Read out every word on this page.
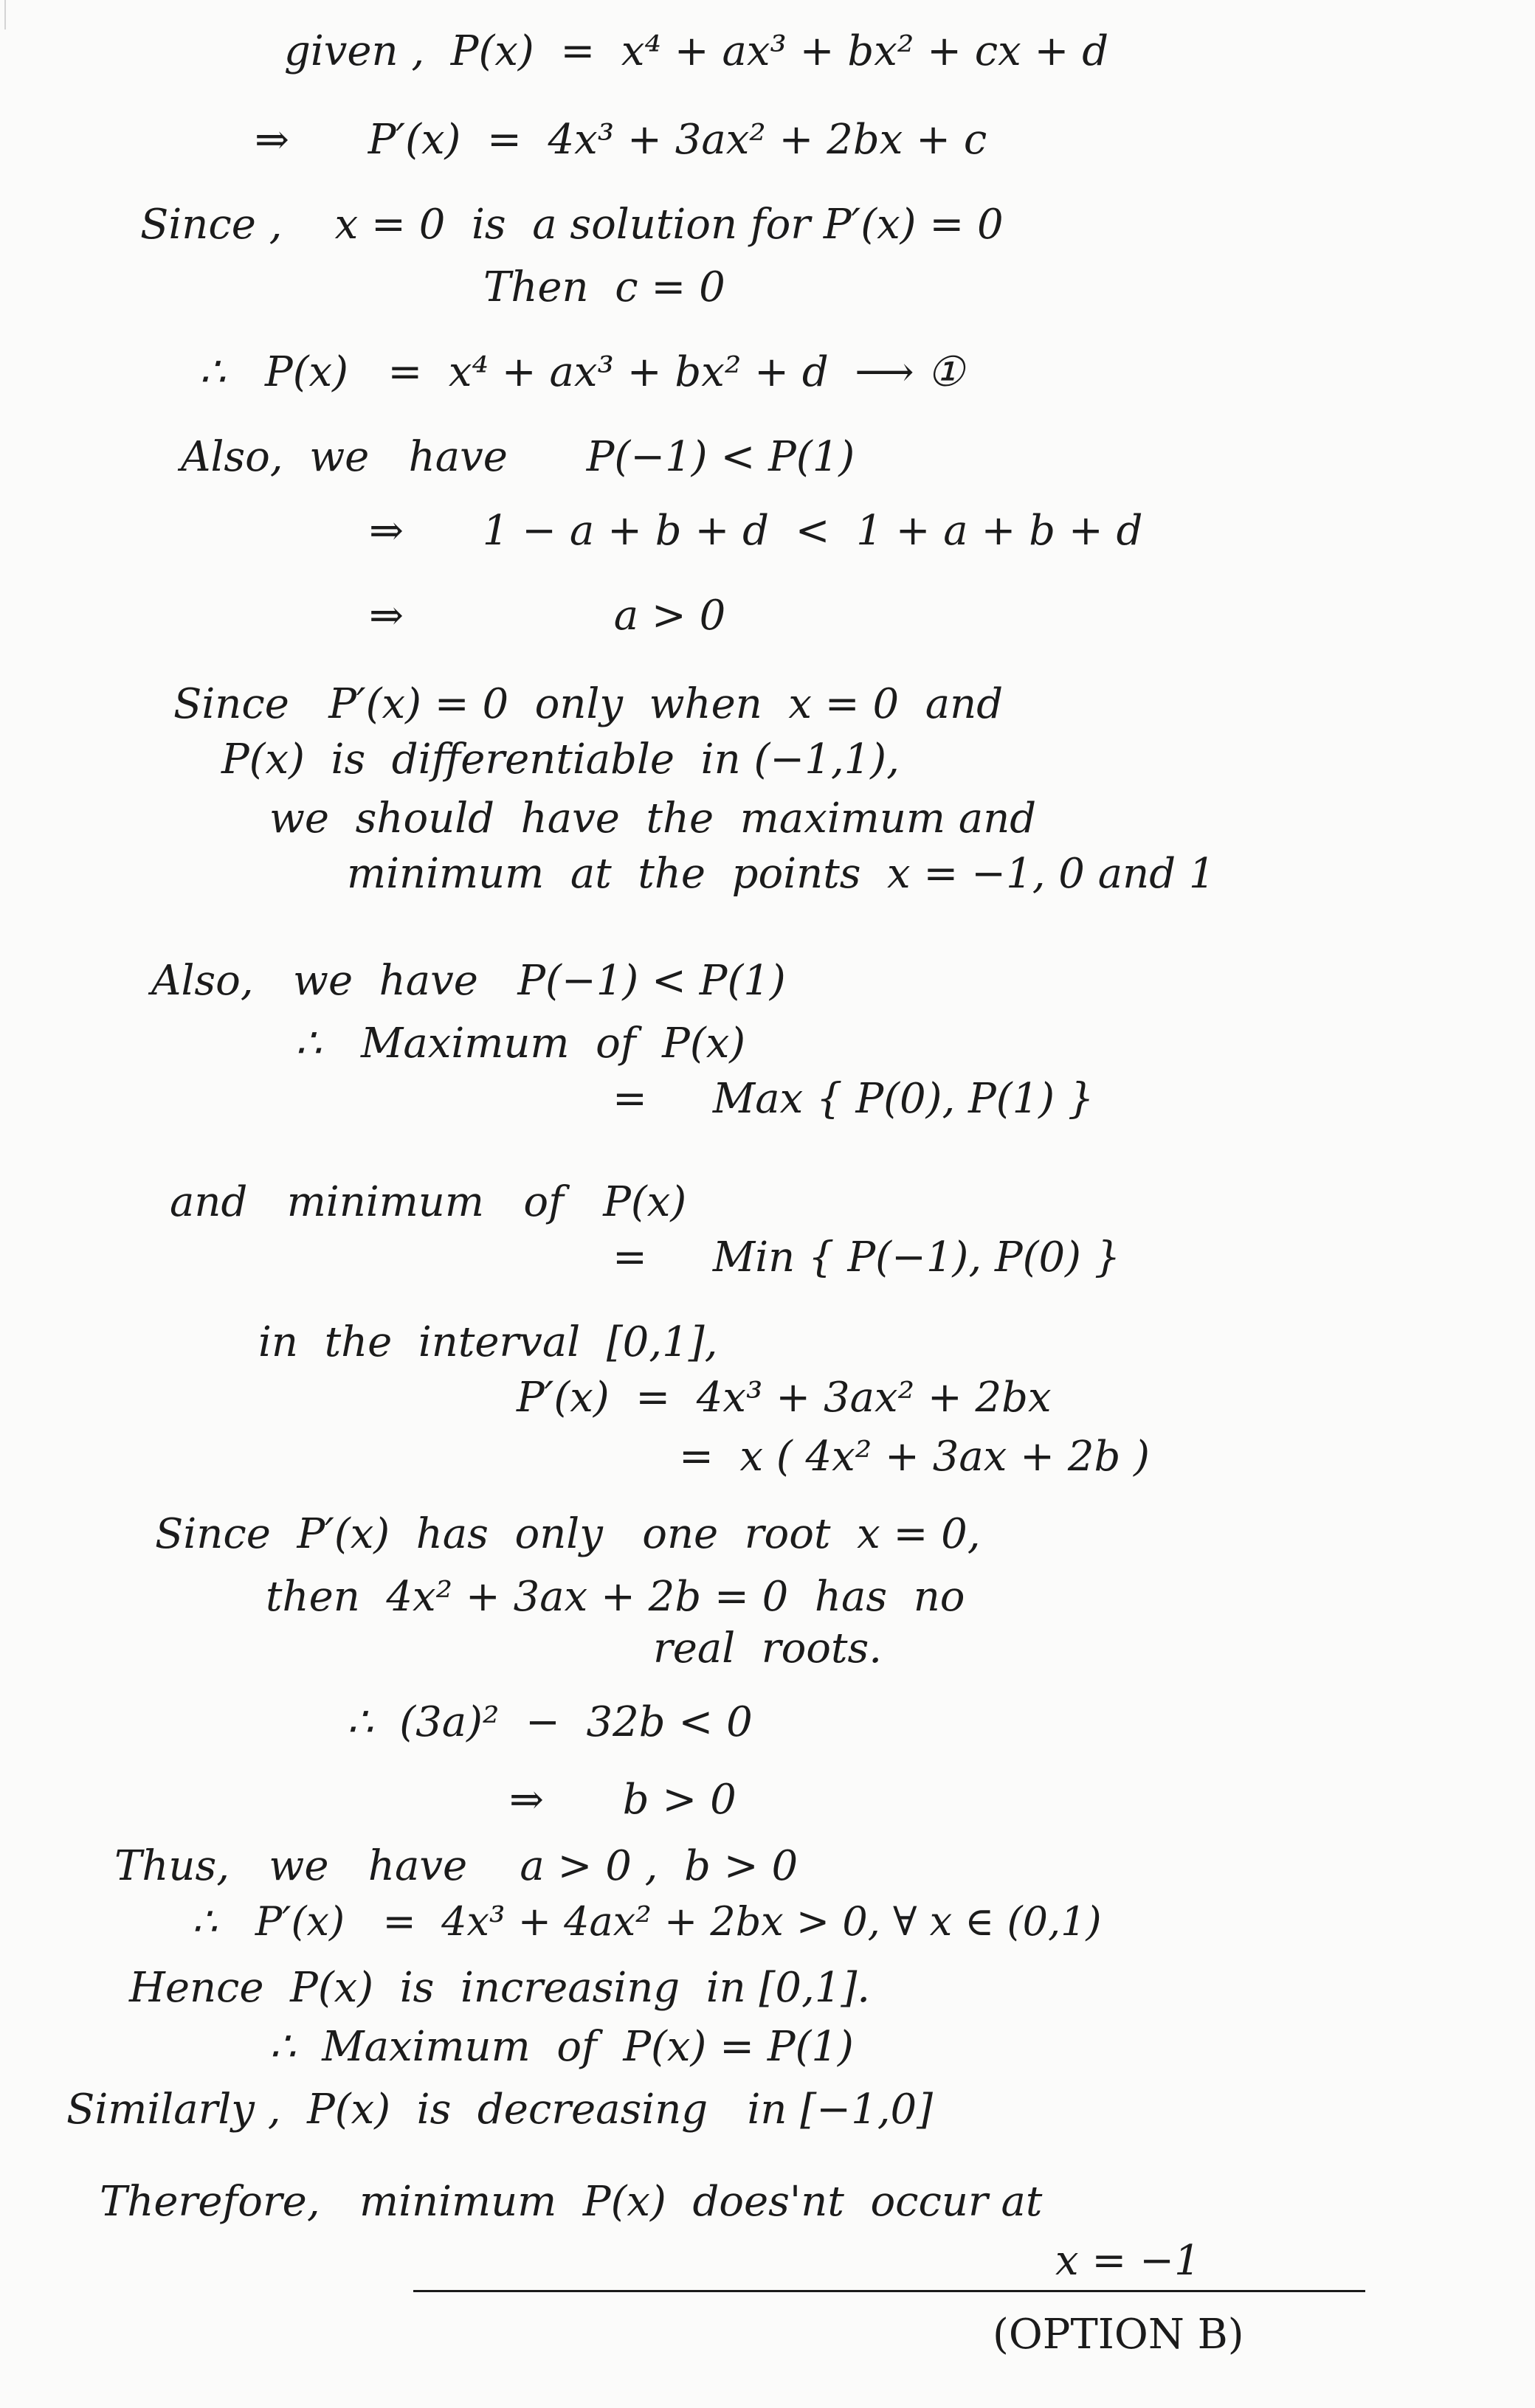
given ,  P(x)  =  x⁴ + ax³ + bx² + cx + d
⇒      P′(x)  =  4x³ + 3ax² + 2bx + c
Since ,    x = 0  is  a solution for P′(x) = 0
Then  c = 0
∴   P(x)   =  x⁴ + ax³ + bx² + d  ⟶ ①
Also,  we   have      P(−1) < P(1)
⇒      1 − a + b + d  <  1 + a + b + d
⇒                a > 0
Since   P′(x) = 0  only  when  x = 0  and
P(x)  is  differentiable  in (−1,1),
we  should  have  the  maximum and
minimum  at  the  points  x = −1, 0 and 1
Also,   we  have   P(−1) < P(1)
∴   Maximum  of  P(x)
=     Max { P(0), P(1) }
and   minimum   of   P(x)
=     Min { P(−1), P(0) }
in  the  interval  [0,1],
P′(x)  =  4x³ + 3ax² + 2bx
=  x ( 4x² + 3ax + 2b )
Since  P′(x)  has  only   one  root  x = 0,
then  4x² + 3ax + 2b = 0  has  no
real  roots.
∴  (3a)²  −  32b < 0
⇒      b > 0
Thus,   we   have    a > 0 ,  b > 0
∴   P′(x)   =  4x³ + 4ax² + 2bx > 0, ∀ x ∈ (0,1)
Hence  P(x)  is  increasing  in [0,1].
∴  Maximum  of  P(x) = P(1)
Similarly ,  P(x)  is  decreasing   in [−1,0]
Therefore,   minimum  P(x)  does'nt  occur at
x = −1
(OPTION B)
